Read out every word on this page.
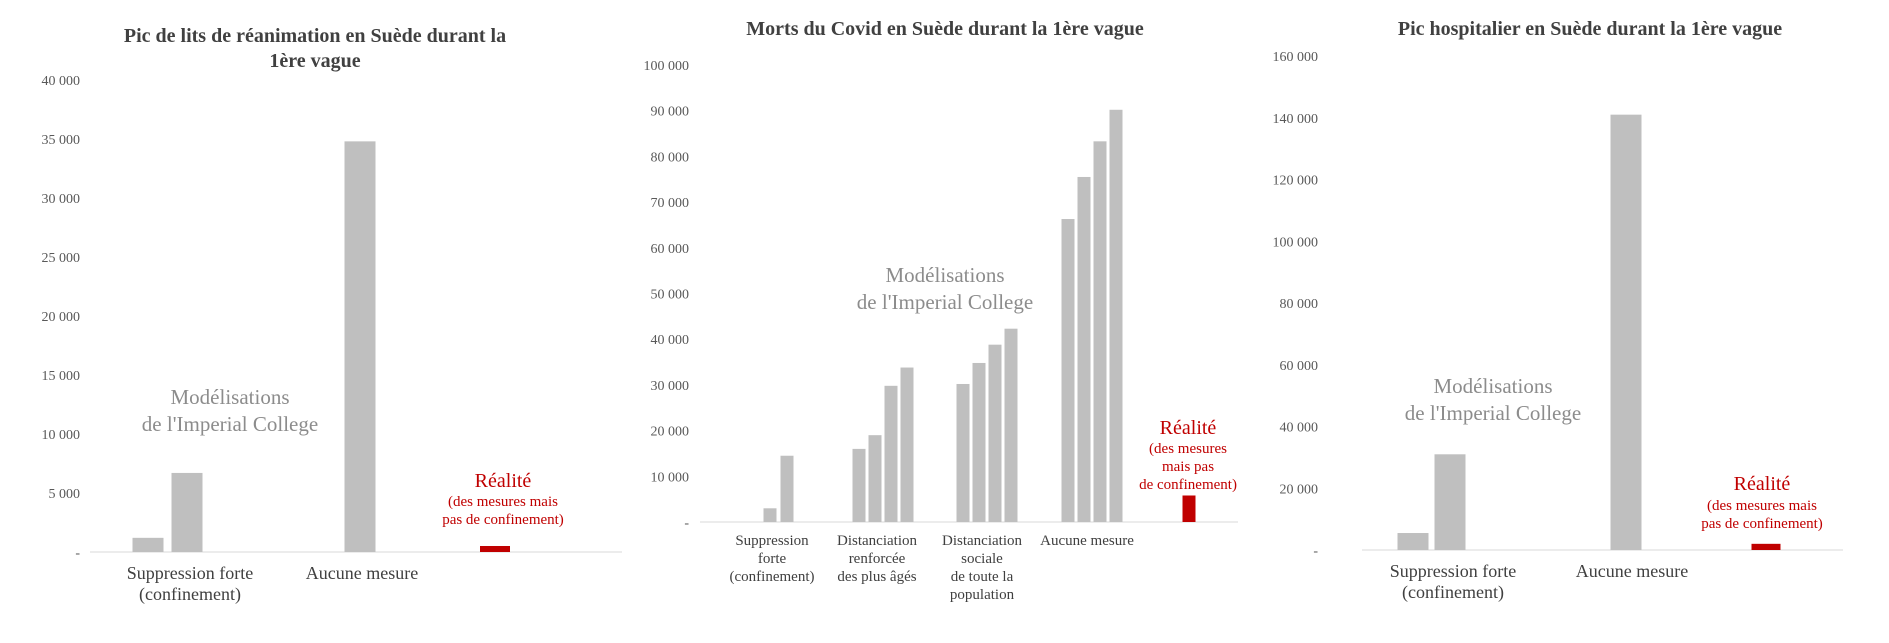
Pic de lits de réanimation en Suède durant la
1ère vague
-
5 000
10 000
15 000
20 000
25 000
30 000
35 000
40 000
Suppression forte
(confinement)
Aucune mesure
Modélisations
de l'Imperial College
Réalité
(des mesures mais
pas de confinement)
Morts du Covid en Suède durant la 1ère vague
-
10 000
20 000
30 000
40 000
50 000
60 000
70 000
80 000
90 000
100 000
Suppression
forte
(confinement)
Distanciation
renforcée
des plus âgés
Distanciation
sociale
de toute la
population
Aucune mesure
Modélisations
de l'Imperial College
Réalité
(des mesures
mais pas
de confinement)
Pic hospitalier en Suède durant la 1ère vague
-
20 000
40 000
60 000
80 000
100 000
120 000
140 000
160 000
Suppression forte
(confinement)
Aucune mesure
Modélisations
de l'Imperial College
Réalité
(des mesures mais
pas de confinement)
